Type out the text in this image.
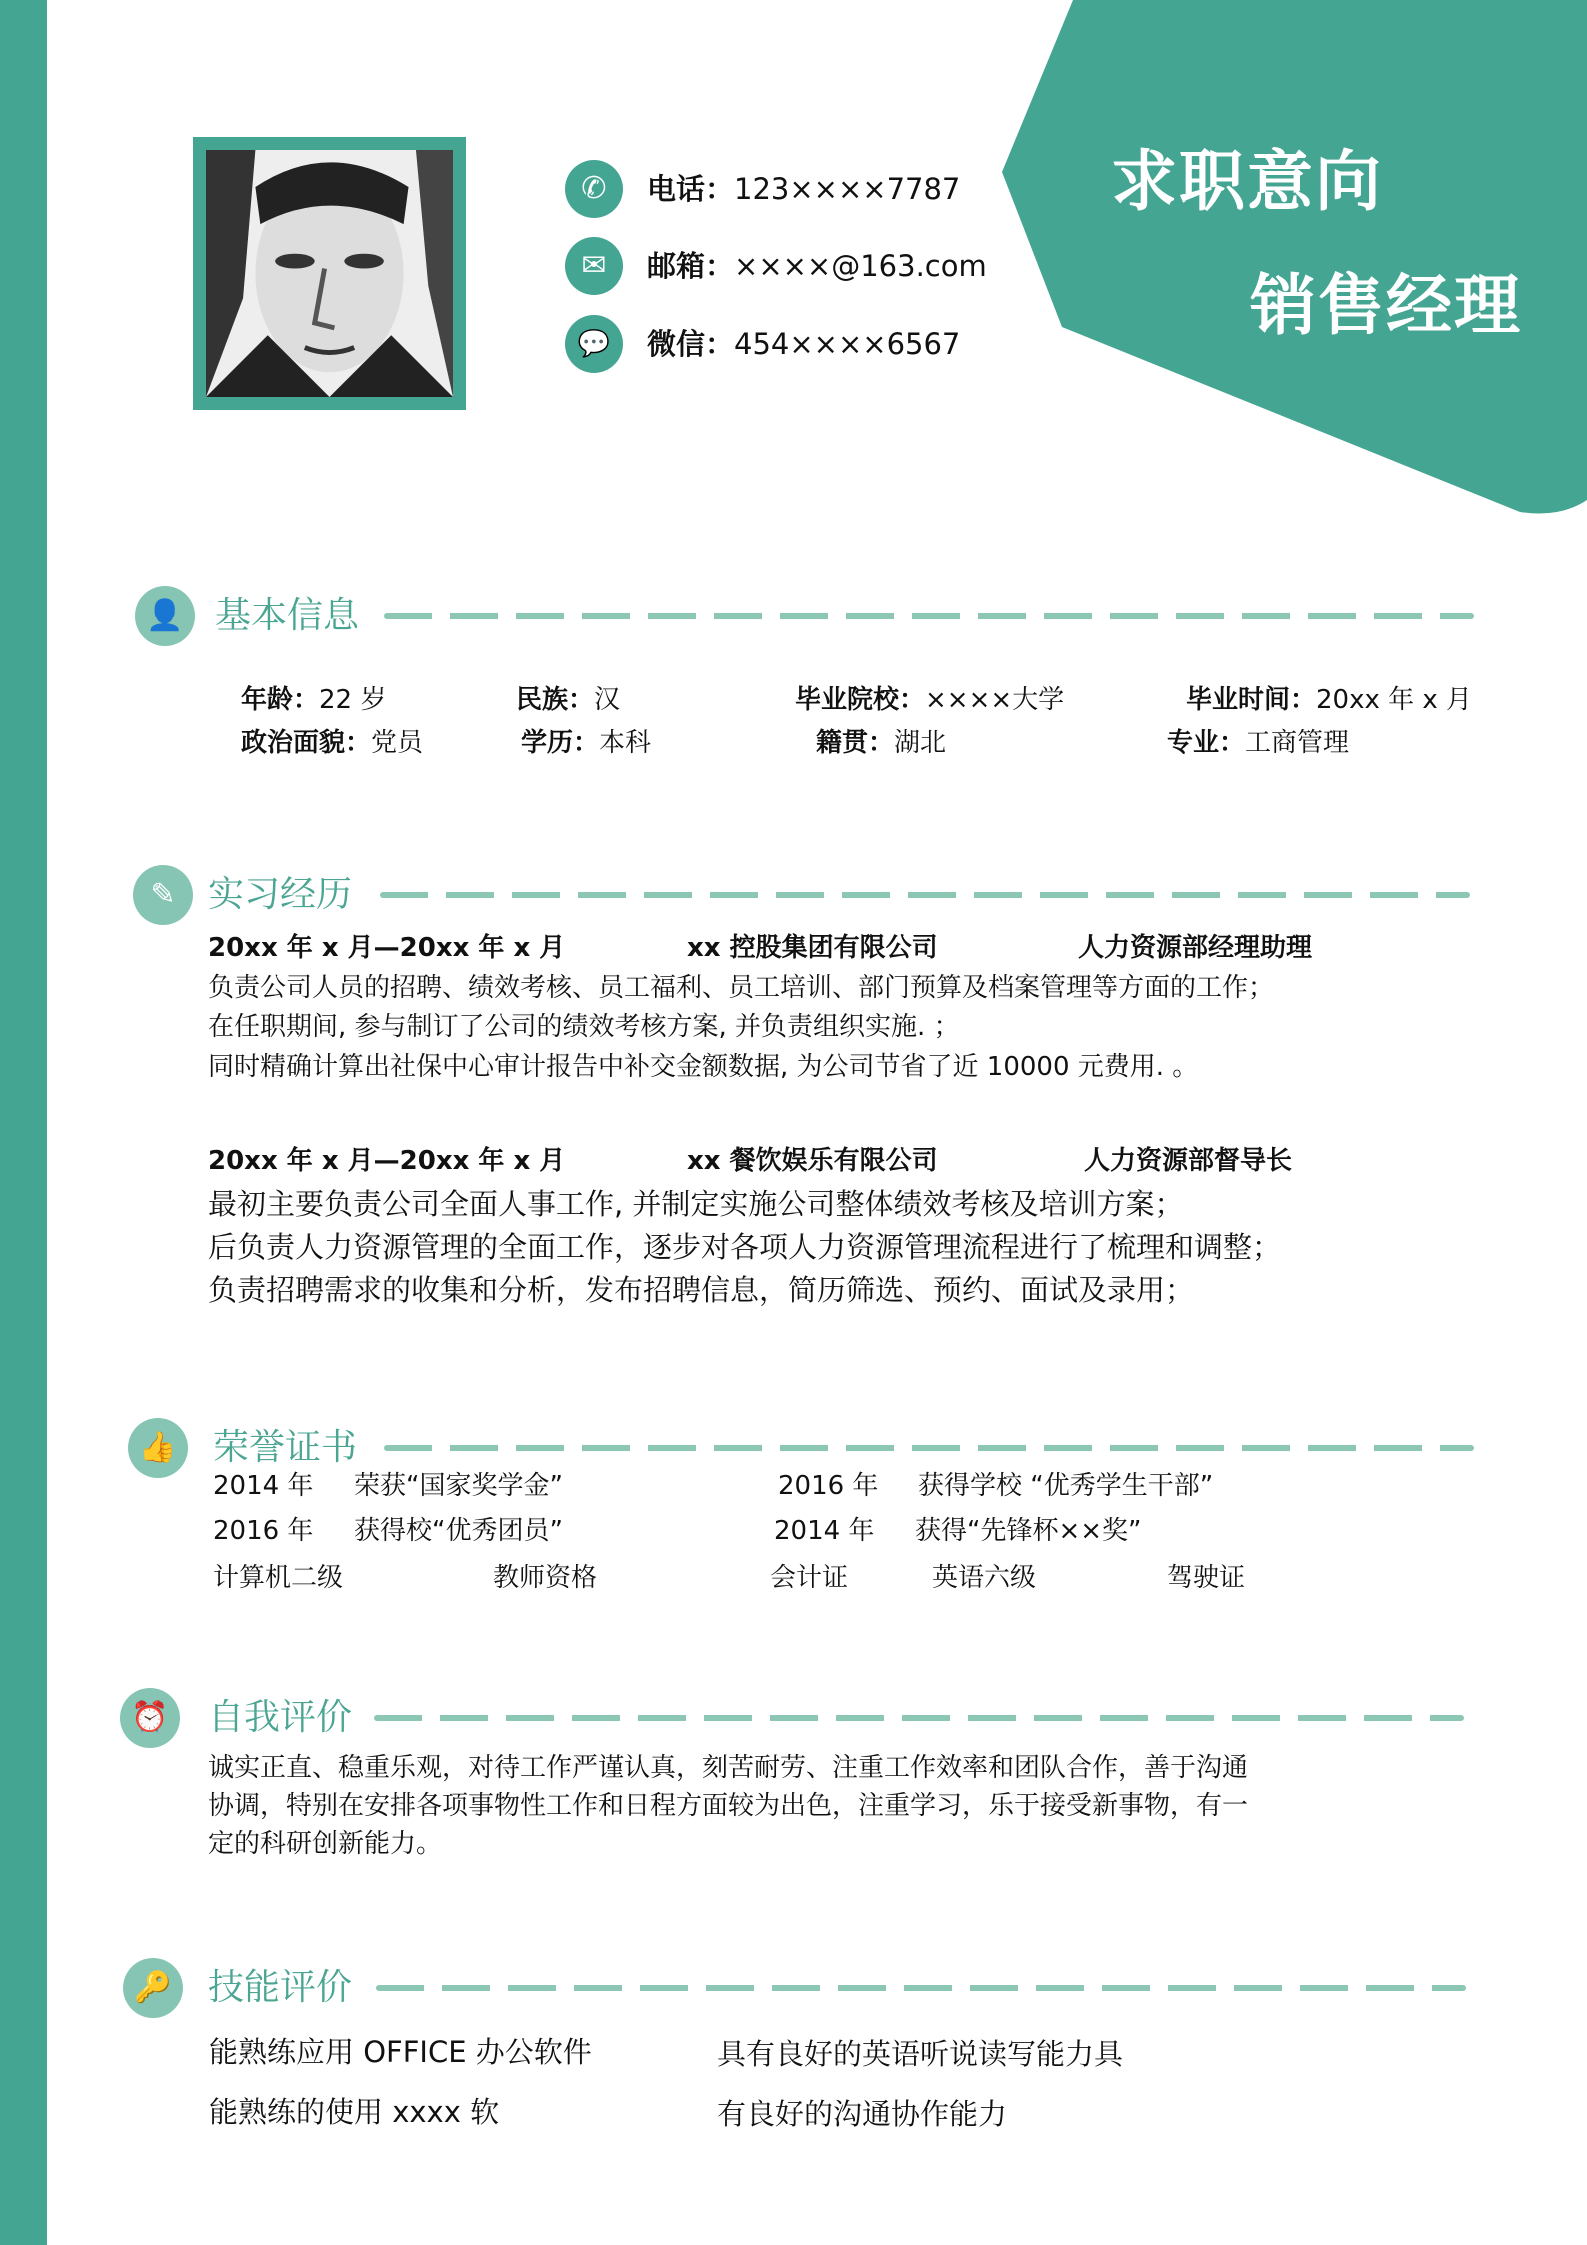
求职意向
销售经理
✆	电话：123××××7787
✉	邮箱：××××@163.com
💬	微信：454××××6567
👤 基本信息
年龄：22 岁	民族：汉	毕业院校：××××大学	毕业时间：20xx 年 x 月
政治面貌：党员	学历：本科	籍贯：湖北	专业：工商管理
✎ 实习经历
20xx 年 x 月—20xx 年 x 月	xx 控股集团有限公司	人力资源部经理助理
负责公司人员的招聘、绩效考核、员工福利、员工培训、部门预算及档案管理等方面的工作；
在任职期间, 参与制订了公司的绩效考核方案, 并负责组织实施. ；
同时精确计算出社保中心审计报告中补交金额数据, 为公司节省了近 10000 元费用. 。
20xx 年 x 月—20xx 年 x 月	xx 餐饮娱乐有限公司	人力资源部督导长
最初主要负责公司全面人事工作, 并制定实施公司整体绩效考核及培训方案；
后负责人力资源管理的全面工作，逐步对各项人力资源管理流程进行了梳理和调整；
负责招聘需求的收集和分析，发布招聘信息，简历筛选、预约、面试及录用；
👍	荣誉证书
2014 年 荣获“国家奖学金”	2016 年 获得学校 “优秀学生干部”
2016 年 获得校“优秀团员”	2014 年 获得“先锋杯××奖”
计算机二级	教师资格	会计证	英语六级	驾驶证
⏰	自我评价
诚实正直、稳重乐观，对待工作严谨认真，刻苦耐劳、注重工作效率和团队合作，善于沟通
协调，特别在安排各项事物性工作和日程方面较为出色，注重学习，乐于接受新事物，有一
定的科研创新能力。
🔑	技能评价
能熟练应用 OFFICE 办公软件	具有良好的英语听说读写能力具
能熟练的使用 xxxx 软	有良好的沟通协作能力
